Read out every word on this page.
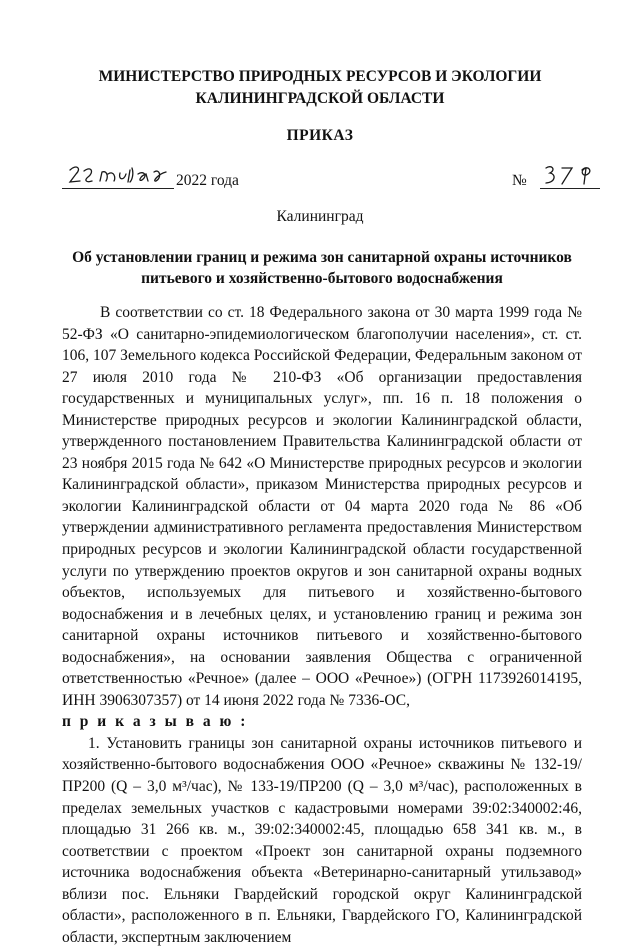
МИНИСТЕРСТВО ПРИРОДНЫХ РЕСУРСОВ И ЭКОЛОГИИ
КАЛИНИНГРАДСКОЙ ОБЛАСТИ
ПРИКАЗ
2022 года	№
Калининград
Об установлении границ и режима зон санитарной охраны источников питьевого и хозяйственно-бытового водоснабжения

В соответствии со ст. 18 Федерального закона от 30 марта 1999 года № 52-ФЗ «О санитарно-эпидемиологическом благополучии населения», ст. ст. 106, 107 Земельного кодекса Российской Федерации, Федеральным законом от 27 июля 2010 года № 210-ФЗ «Об организации предоставления государственных и муниципальных услуг», пп. 16 п. 18 положения о Министерстве природных ресурсов и экологии Калининградской области, утвержденного постановлением Правительства Калининградской области от 23 ноября 2015 года № 642 «О Министерстве природных ресурсов и экологии Калининградской области», приказом Министерства природных ресурсов и экологии Калининградской области от 04 марта 2020 года № 86 «Об утверждении административного регламента предоставления Министерством природных ресурсов и экологии Калининградской области государственной услуги по утверждению проектов округов и зон санитарной охраны водных объектов, используемых для питьевого и хозяйственно-бытового водоснабжения и в лечебных целях, и установлению границ и режима зон санитарной охраны источников питьевого и хозяйственно-бытового водоснабжения», на основании заявления Общества с ограниченной ответственностью «Речное» (далее – ООО «Речное») (ОГРН 1173926014195, ИНН 3906307357) от 14 июня 2022 года № 7336-ОС,

п р и к а з ы в а ю :

1. Установить границы зон санитарной охраны источников питьевого и хозяйственно-бытового водоснабжения ООО «Речное» скважины № 132-19/ПР200 (Q – 3,0 м³/час), № 133-19/ПР200 (Q – 3,0 м³/час), расположенных в пределах земельных участков с кадастровыми номерами 39:02:340002:46, площадью 31 266 кв. м., 39:02:340002:45, площадью 658 341 кв. м., в соответствии с проектом «Проект зон санитарной охраны подземного источника водоснабжения объекта «Ветеринарно-санитарный утильзавод» вблизи пос. Ельняки Гвардейский городской округ Калининградской области», расположенного в п. Ельняки, Гвардейского ГО, Калининградской области, экспертным заключением
